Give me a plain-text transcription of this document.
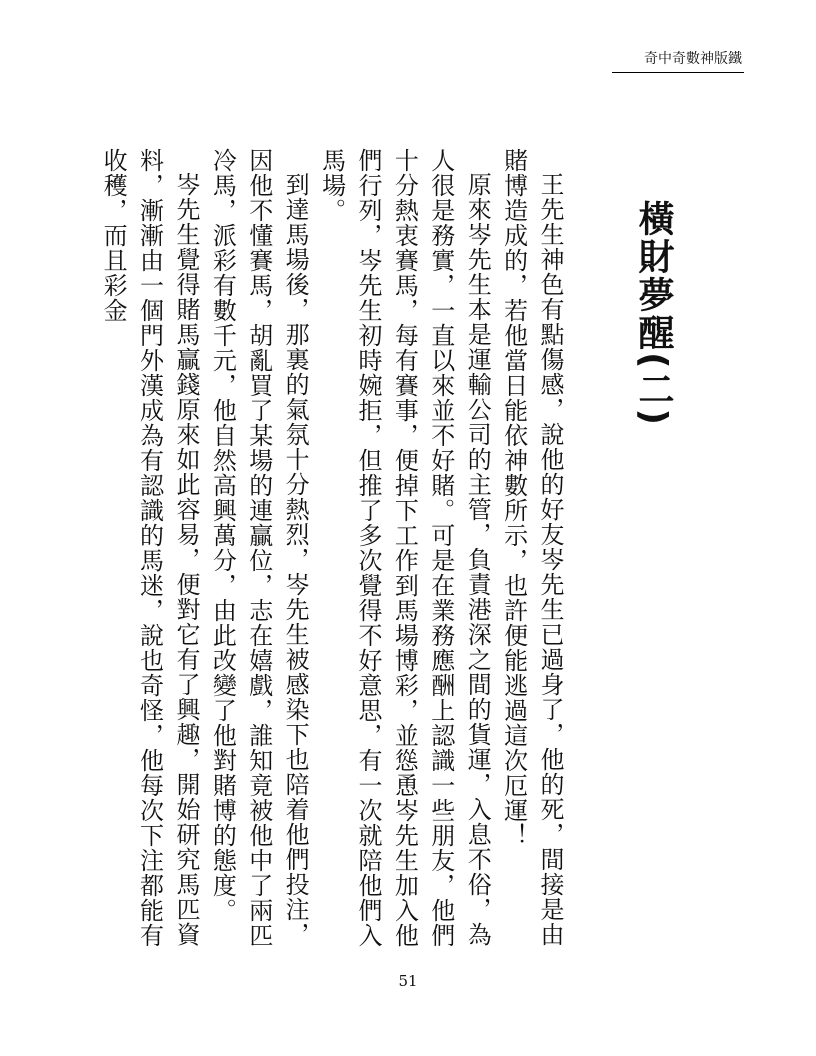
奇中奇數神版鐵
橫財夢醒(二)

王先生神色有點傷感，說他的好友岑先生已過身了，他的死，間接是由賭博造成的，若他當日能依神數所示，也許便能逃過這次厄運！

原來岑先生本是運輸公司的主管，負責港深之間的貨運，入息不俗，為人很是務實，一直以來並不好賭。可是在業務應酬上認識一些朋友，他們十分熱衷賽馬，每有賽事，便掉下工作到馬場博彩，並慫恿岑先生加入他們行列，岑先生初時婉拒，但推了多次覺得不好意思，有一次就陪他們入馬場。

到達馬場後，那裏的氣氛十分熱烈，岑先生被感染下也陪着他們投注，因他不懂賽馬，胡亂買了某場的連贏位，志在嬉戲，誰知竟被他中了兩匹冷馬，派彩有數千元，他自然高興萬分，由此改變了他對賭博的態度。

岑先生覺得賭馬贏錢原來如此容易，便對它有了興趣，開始研究馬匹資料，漸漸由一個門外漢成為有認識的馬迷，說也奇怪，他每次下注都能有收穫，而且彩金

51
